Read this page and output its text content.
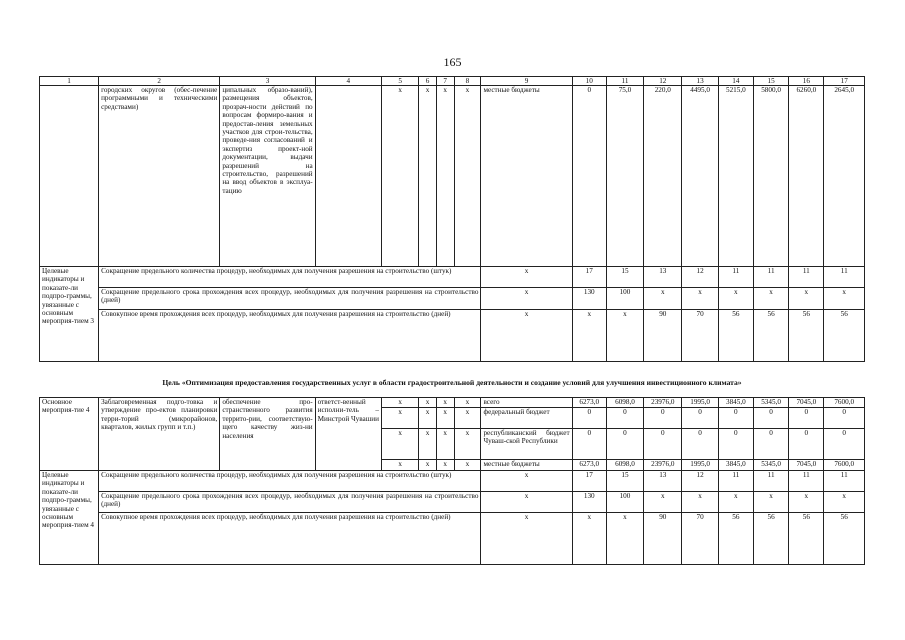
165
1	2	3	4	5	6	7	8	9	10	11	12	13	14	15	16	17
	городских округов (обес-печение программными и техническими средствами)	ципальных образо-ваний), размещения объектов, прозрач-ности действий по вопросам формиро-вания и предостав-ления земельных участков для строи-тельства, проведе-ния согласований и экспертиз проект-ной документации, выдачи разрешений на строительство, разрешений на ввод объектов в эксплуа-тацию		x	x	x	x	местные бюджеты	0	75,0	220,0	4495,0	5215,0	5800,0	6260,0	2645,0
Целевые индикаторы и показате-ли подпро-граммы, увязанные с основным мероприя-тием 3	Сокращение предельного количества процедур, необходимых для получения разрешения на строительство (штук)							x	17	15	13	12	11	11	11	11
	Сокращение предельного срока прохождения всех процедур, необходимых для получения разрешения на строительство (дней)							x	130	100	x	x	x	x	x	x
	Совокупное время прохождения всех процедур, необходимых для получения разрешения на строительство (дней)							x	x	x	90	70	56	56	56	56
Цель «Оптимизация предоставления государственных услуг в области градостроительной деятельности и создание условий для улучшения инвестиционного климата»
Основное мероприя-тие 4	Заблаговременная подго-товка и утверждение про-ектов планировки терри-торий (микрорайонов, кварталов, жилых групп и т.п.)	обеспечение про-странственного развития террито-рии, соответствую-щего качеству жиз-ни населения	ответст-венный исполни-тель – Минстрой Чувашии	x	x	x	x	всего	6273,0	6098,0	23976,0	1995,0	3845,0	5345,0	7045,0	7600,0
				x	x	x	x	федеральный бюджет	0	0	0	0	0	0	0	0
				x	x	x	x	республиканский бюджет Чуваш-ской Республики	0	0	0	0	0	0	0	0
				x	x	x	x	местные бюджеты	6273,0	6098,0	23976,0	1995,0	3845,0	5345,0	7045,0	7600,0
Целевые индикаторы и показате-ли подпро-граммы, увязанные с основным мероприя-тием 4	Сокращение предельного количества процедур, необходимых для получения разрешения на строительство (штук)							x	17	15	13	12	11	11	11	11
	Сокращение предельного срока прохождения всех процедур, необходимых для получения разрешения на строительство (дней)							x	130	100	x	x	x	x	x	x
	Совокупное время прохождения всех процедур, необходимых для получения разрешения на строительство (дней)							x	x	x	90	70	56	56	56	56
